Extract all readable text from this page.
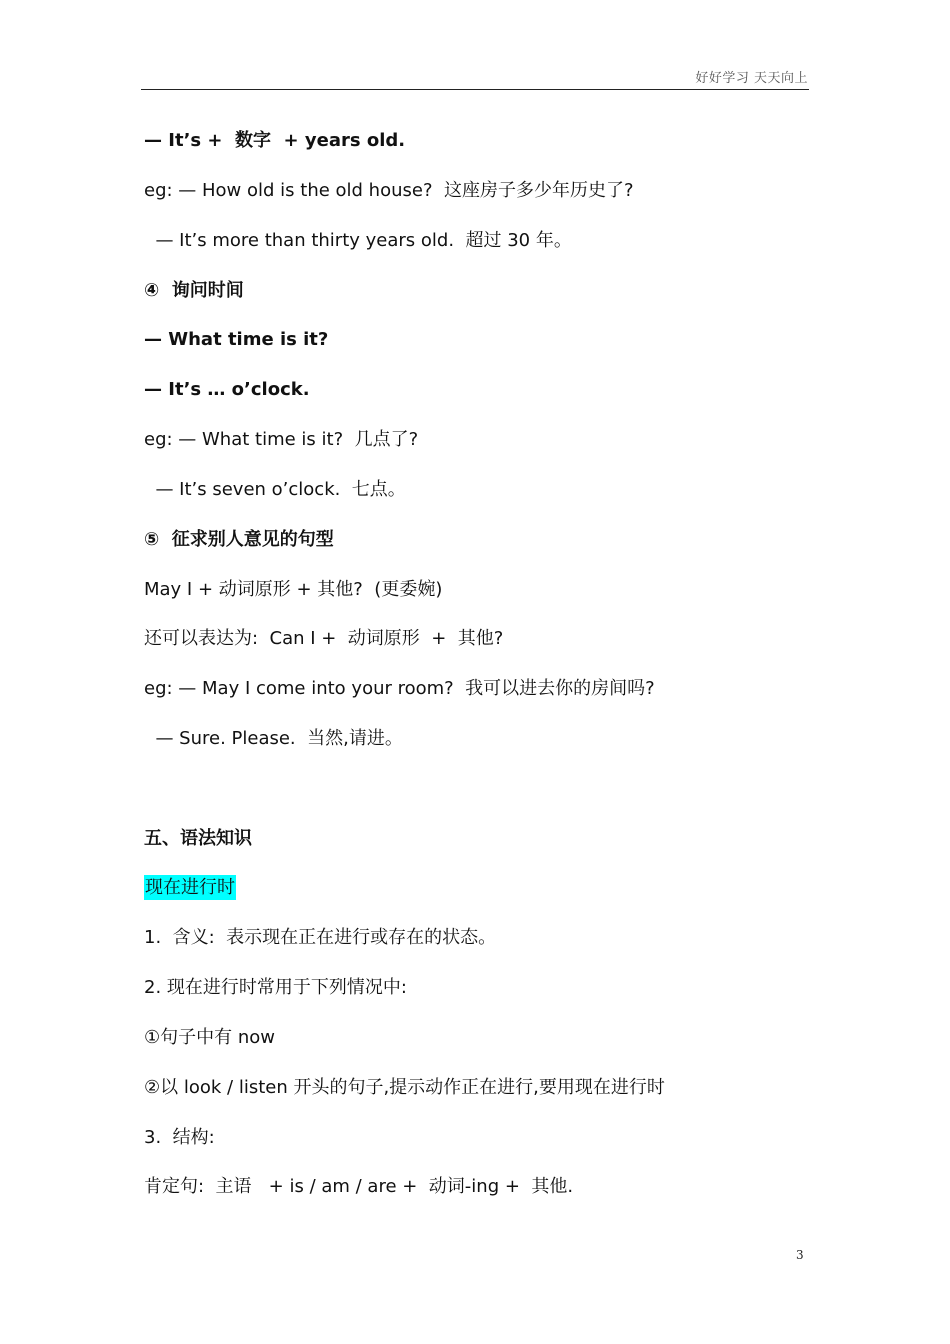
好好学习 天天向上
— It’s +  数字  + years old.
eg: — How old is the old house?  这座房子多少年历史了?
— It’s more than thirty years old.  超过 30 年。
④  询问时间
— What time is it?
— It’s … o’clock.
eg: — What time is it?  几点了?
— It’s seven o’clock.  七点。
⑤  征求别人意见的句型
May I + 动词原形 + 其他?  (更委婉)
还可以表达为:  Can I +  动词原形  +  其他?
eg: — May I come into your room?  我可以进去你的房间吗?
— Sure. Please.  当然,请进。
五、语法知识
现在进行时
1.  含义:  表示现在正在进行或存在的状态。
2. 现在进行时常用于下列情况中:
①句子中有 now
②以 look / listen 开头的句子,提示动作正在进行,要用现在进行时
3.  结构:
肯定句:  主语   + is / am / are +  动词-ing +  其他.
3
